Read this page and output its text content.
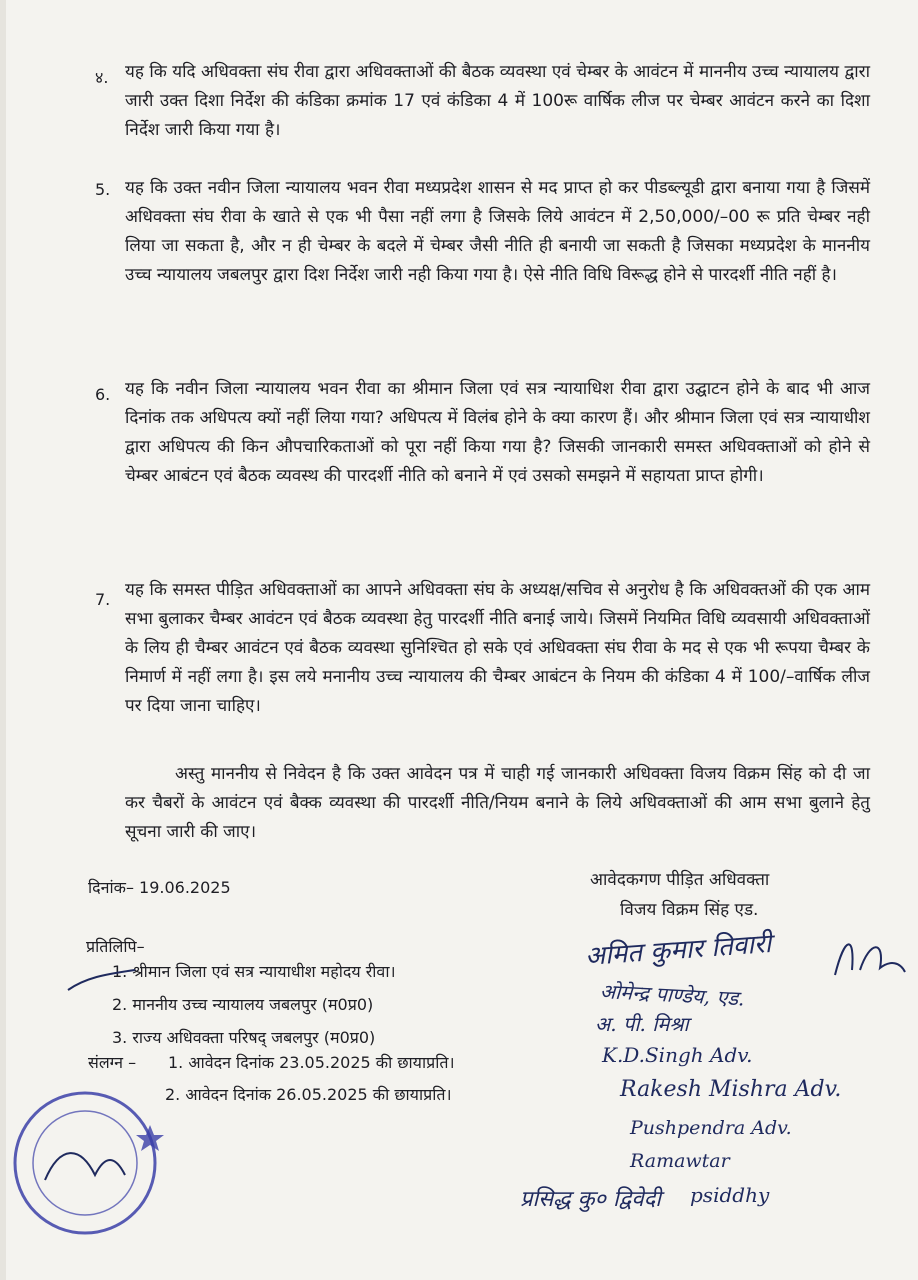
४. यह कि यदि अधिवक्ता संघ रीवा द्वारा अधिवक्ताओं की बैठक व्यवस्था एवं चेम्बर के आवंटन में माननीय उच्च न्यायालय द्वारा जारी उक्त दिशा निर्देश की कंडिका क्रमांक 17 एवं कंडिका 4 में 100रू वार्षिक लीज पर चेम्बर आवंटन करने का दिशा निर्देश जारी किया गया है।
5. यह कि उक्त नवीन जिला न्यायालय भवन रीवा मध्यप्रदेश शासन से मद प्राप्त हो कर पीडब्ल्यूडी द्वारा बनाया गया है जिसमें अधिवक्ता संघ रीवा के खाते से एक भी पैसा नहीं लगा है जिसके लिये आवंटन में 2,50,000/–00 रू प्रति चेम्बर नही लिया जा सकता है, और न ही चेम्बर के बदले में चेम्बर जैसी नीति ही बनायी जा सकती है जिसका मध्यप्रदेश के माननीय उच्च न्यायालय जबलपुर द्वारा दिश निर्देश जारी नही किया गया है। ऐसे नीति विधि विरूद्ध होने से पारदर्शी नीति नहीं है।
6. यह कि नवीन जिला न्यायालय भवन रीवा का श्रीमान जिला एवं सत्र न्यायाधिश रीवा द्वारा उद्घाटन होने के बाद भी आज दिनांक तक अधिपत्य क्यों नहीं लिया गया? अधिपत्य में विलंब होने के क्या कारण हैं। और श्रीमान जिला एवं सत्र न्यायाधीश द्वारा अधिपत्य की किन औपचारिकताओं को पूरा नहीं किया गया है? जिसकी जानकारी समस्त अधिवक्ताओं को होने से चेम्बर आबंटन एवं बैठक व्यवस्थ की पारदर्शी नीति को बनाने में एवं उसको समझने में सहायता प्राप्त होगी।
7. यह कि समस्त पीड़ित अधिवक्ताओं का आपने अधिवक्ता संघ के अध्यक्ष/सचिव से अनुरोध है कि अधिवक्तओं की एक आम सभा बुलाकर चैम्बर आवंटन एवं बैठक व्यवस्था हेतु पारदर्शी नीति बनाई जाये। जिसमें नियमित विधि व्यवसायी अधिवक्ताओं के लिय ही चैम्बर आवंटन एवं बैठक व्यवस्था सुनिश्चित हो सके एवं अधिवक्ता संघ रीवा के मद से एक भी रूपया चैम्बर के निमार्ण में नहीं लगा है। इस लये मनानीय उच्च न्यायालय की चैम्बर आबंटन के नियम की कंडिका 4 में 100/–वार्षिक लीज पर दिया जाना चाहिए।
अस्तु माननीय से निवेदन है कि उक्त आवेदन पत्र में चाही गई जानकारी अधिवक्ता विजय विक्रम सिंह को दी जा कर चैबरों के आवंटन एवं बैक्क व्यवस्था की पारदर्शी नीति/नियम बनाने के लिये अधिवक्ताओं की आम सभा बुलाने हेतु सूचना जारी की जाए।
दिनांक– 19.06.2025	आवेदकगण पीड़ित अधिवक्ता
विजय विक्रम सिंह एड.
प्रतिलिपि–
1. श्रीमान जिला एवं सत्र न्यायाधीश महोदय रीवा।
2. माननीय उच्च न्यायालय जबलपुर (म0प्र0)
3. राज्य अधिवक्ता परिषद् जबलपुर (म0प्र0)
संलग्न – 1. आवेदन दिनांक 23.05.2025 की छायाप्रति।
2. आवेदन दिनांक 26.05.2025 की छायाप्रति।
अमित कुमार तिवारी
ओमेन्द्र पाण्डेय, एड.
अ. पी. मिश्रा
K.D.Singh Adv.
Rakesh Mishra Adv.
Pushpendra Adv.
Ramawtar
प्रसिद्ध कु० द्विवेदी psiddhy
